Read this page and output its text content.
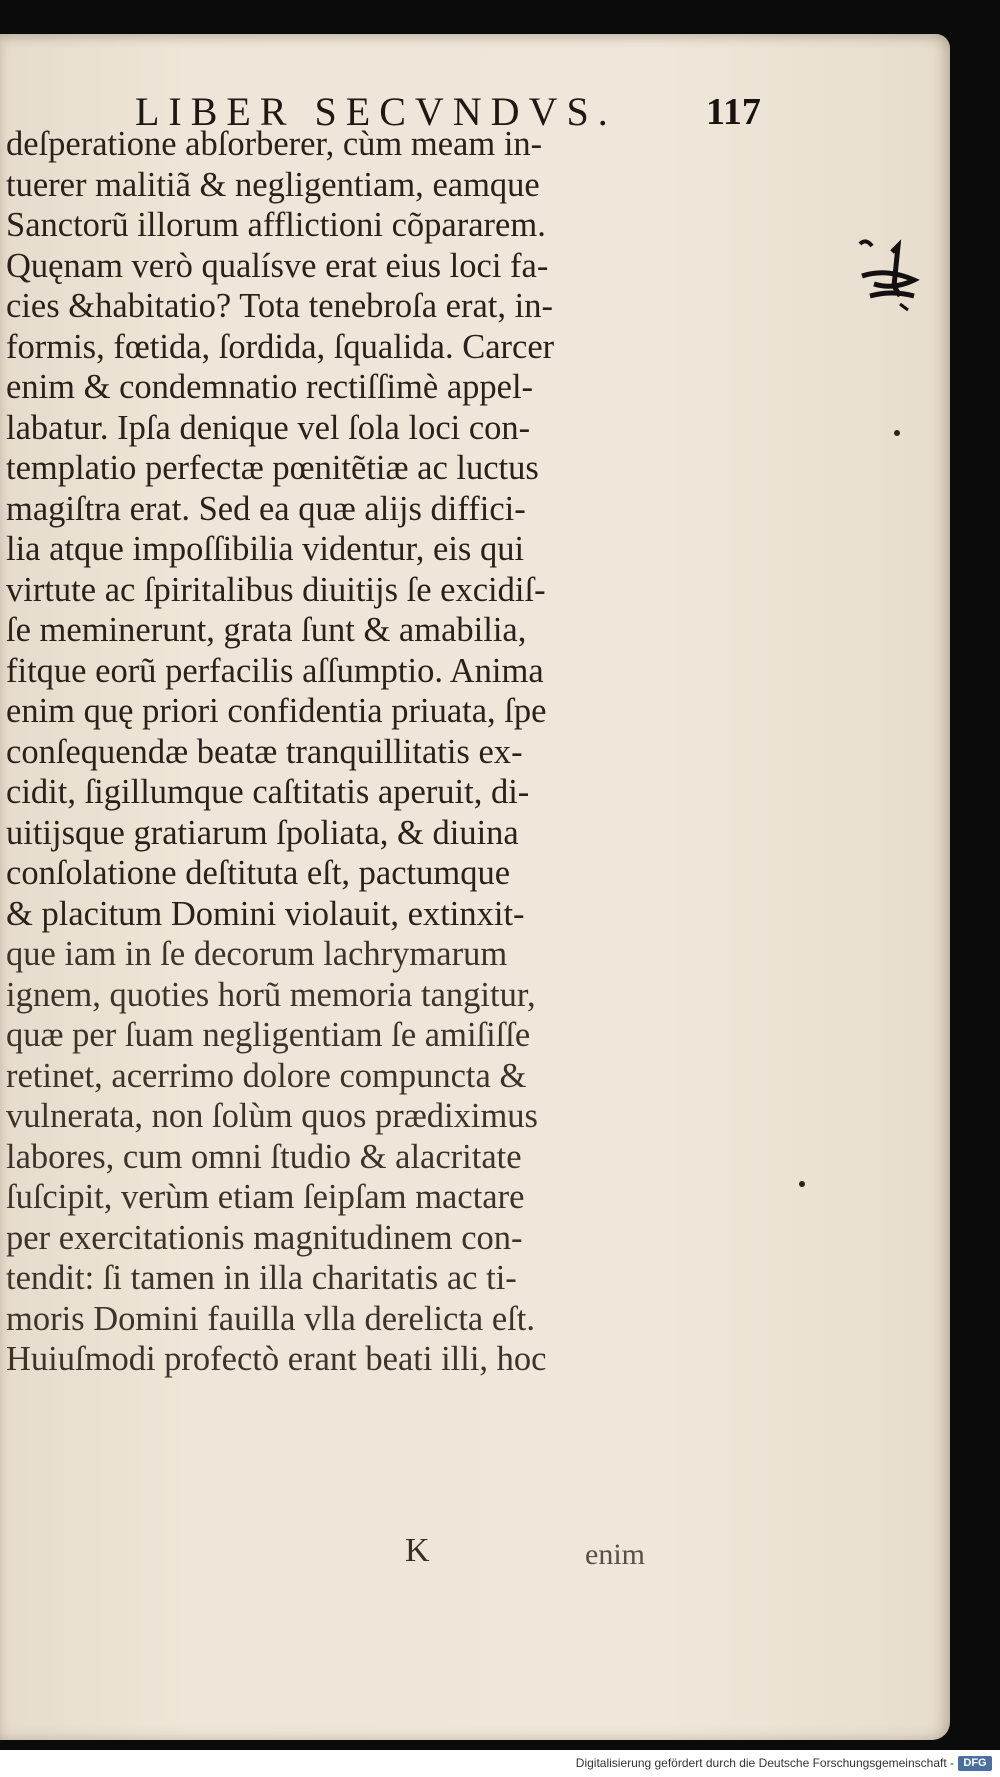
LIBER SECVNDVS. 117
deſperatione abſorberer, cùm meam in-
tuerer malitiã & negligentiam, eamque
Sanctorũ illorum afflictioni cõpararem.
Quęnam verò qualísve erat eius loci fa-
cies &habitatio? Tota tenebroſa erat, in-
formis, fœtida, ſordida, ſqualida. Carcer
enim & condemnatio rectiſſimè appel-
labatur. Ipſa denique vel ſola loci con-
templatio perfectæ pœnitẽtiæ ac luctus
magiſtra erat. Sed ea quæ alijs diffici-
lia atque impoſſibilia videntur, eis qui
virtute ac ſpiritalibus diuitijs ſe excidiſ-
ſe meminerunt, grata ſunt & amabilia,
fitque eorũ perfacilis aſſumptio. Anima
enim quę priori confidentia priuata, ſpe
conſequendæ beatæ tranquillitatis ex-
cidit, ſigillumque caſtitatis aperuit, di-
uitijsque gratiarum ſpoliata, & diuina
conſolatione deſtituta eſt, pactumque
& placitum Domini violauit, extinxit-
que iam in ſe decorum lachrymarum
ignem, quoties horũ memoria tangitur,
quæ per ſuam negligentiam ſe amiſiſſe
retinet, acerrimo dolore compuncta &
vulnerata, non ſolùm quos prædiximus
labores, cum omni ſtudio & alacritate
ſuſcipit, verùm etiam ſeipſam mactare
per exercitationis magnitudinem con-
tendit: ſi tamen in illa charitatis ac ti-
moris Domini fauilla vlla derelicta eſt.
Huiuſmodi profectò erant beati illi, hoc
K	enim
Digitalisierung gefördert durch die Deutsche Forschungsgemeinschaft - DFG
